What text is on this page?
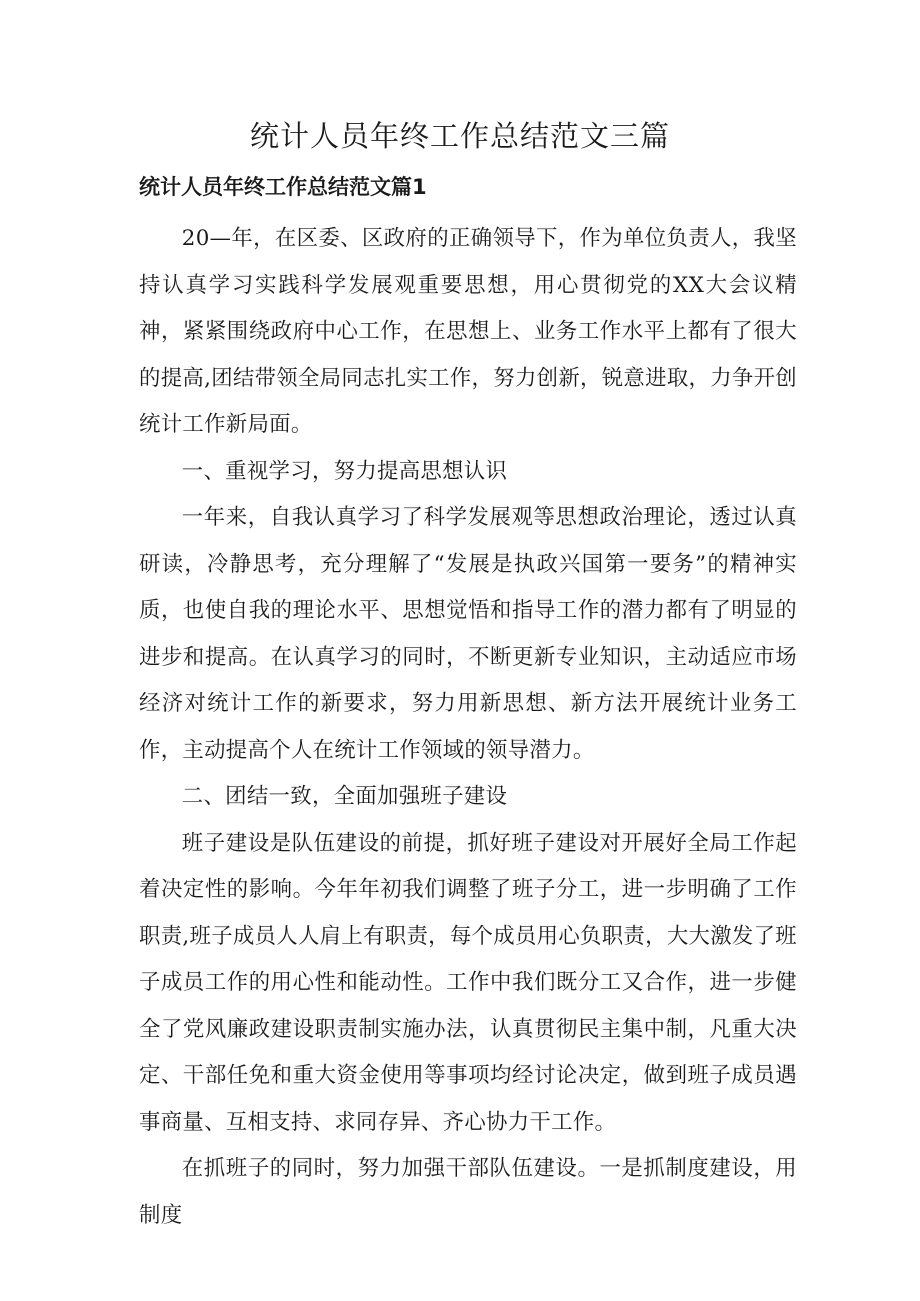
统计人员年终工作总结范文三篇
统计人员年终工作总结范文篇1

20—年，在区委、区政府的正确领导下，作为单位负责人，我坚持认真学习实践科学发展观重要思想，用心贯彻党的XX大会议精神，紧紧围绕政府中心工作，在思想上、业务工作水平上都有了很大的提高,团结带领全局同志扎实工作，努力创新，锐意进取，力争开创统计工作新局面。

一、重视学习，努力提高思想认识

一年来，自我认真学习了科学发展观等思想政治理论，透过认真研读，冷静思考，充分理解了“发展是执政兴国第一要务”的精神实质，也使自我的理论水平、思想觉悟和指导工作的潜力都有了明显的进步和提高。在认真学习的同时，不断更新专业知识，主动适应市场经济对统计工作的新要求，努力用新思想、新方法开展统计业务工作，主动提高个人在统计工作领域的领导潜力。

二、团结一致，全面加强班子建设

班子建设是队伍建设的前提，抓好班子建设对开展好全局工作起着决定性的影响。今年年初我们调整了班子分工，进一步明确了工作职责,班子成员人人肩上有职责，每个成员用心负职责，大大激发了班子成员工作的用心性和能动性。工作中我们既分工又合作，进一步健全了党风廉政建设职责制实施办法，认真贯彻民主集中制，凡重大决定、干部任免和重大资金使用等事项均经讨论决定，做到班子成员遇事商量、互相支持、求同存异、齐心协力干工作。

在抓班子的同时，努力加强干部队伍建设。一是抓制度建设，用制度
